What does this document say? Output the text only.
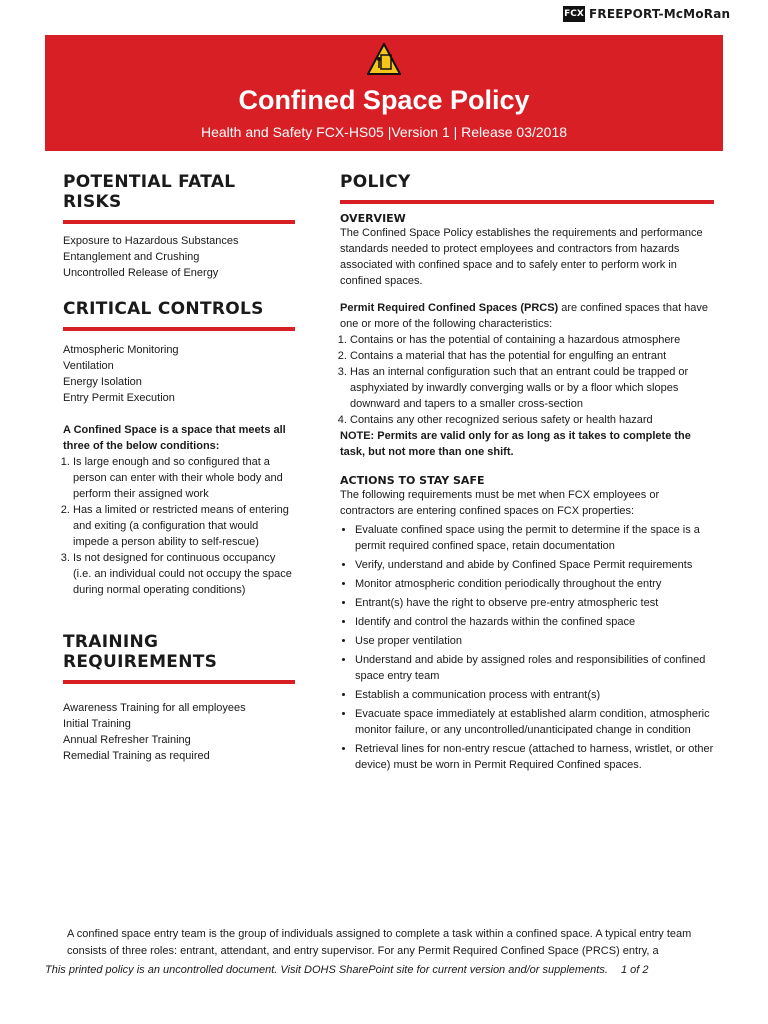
FCX FREEPORT-McMoRan
Confined Space Policy
Health and Safety FCX-HS05 |Version 1 | Release 03/2018
POTENTIAL FATAL RISKS
Exposure to Hazardous Substances
Entanglement and Crushing
Uncontrolled Release of Energy
CRITICAL CONTROLS
Atmospheric Monitoring
Ventilation
Energy Isolation
Entry Permit Execution
A Confined Space is a space that meets all three of the below conditions:
1. Is large enough and so configured that a person can enter with their whole body and perform their assigned work
2. Has a limited or restricted means of entering and exiting (a configuration that would impede a person ability to self-rescue)
3. Is not designed for continuous occupancy (i.e. an individual could not occupy the space during normal operating conditions)
TRAINING REQUIREMENTS
Awareness Training for all employees
Initial Training
Annual Refresher Training
Remedial Training as required
POLICY
OVERVIEW
The Confined Space Policy establishes the requirements and performance standards needed to protect employees and contractors from hazards associated with confined space and to safely enter to perform work in confined spaces.
Permit Required Confined Spaces (PRCS) are confined spaces that have one or more of the following characteristics:
1. Contains or has the potential of containing a hazardous atmosphere
2. Contains a material that has the potential for engulfing an entrant
3. Has an internal configuration such that an entrant could be trapped or asphyxiated by inwardly converging walls or by a floor which slopes downward and tapers to a smaller cross-section
4. Contains any other recognized serious safety or health hazard
NOTE: Permits are valid only for as long as it takes to complete the task, but not more than one shift.
ACTIONS TO STAY SAFE
The following requirements must be met when FCX employees or contractors are entering confined spaces on FCX properties:
• Evaluate confined space using the permit to determine if the space is a permit required confined space, retain documentation
• Verify, understand and abide by Confined Space Permit requirements
• Monitor atmospheric condition periodically throughout the entry
• Entrant(s) have the right to observe pre-entry atmospheric test
• Identify and control the hazards within the confined space
• Use proper ventilation
• Understand and abide by assigned roles and responsibilities of confined space entry team
• Establish a communication process with entrant(s)
• Evacuate space immediately at established alarm condition, atmospheric monitor failure, or any uncontrolled/unanticipated change in condition
• Retrieval lines for non-entry rescue (attached to harness, wristlet, or other device) must be worn in Permit Required Confined spaces.
A confined space entry team is the group of individuals assigned to complete a task within a confined space. A typical entry team consists of three roles: entrant, attendant, and entry supervisor. For any Permit Required Confined Space (PRCS) entry, a
This printed policy is an uncontrolled document. Visit DOHS SharePoint site for current version and/or supplements. 1 of 2
